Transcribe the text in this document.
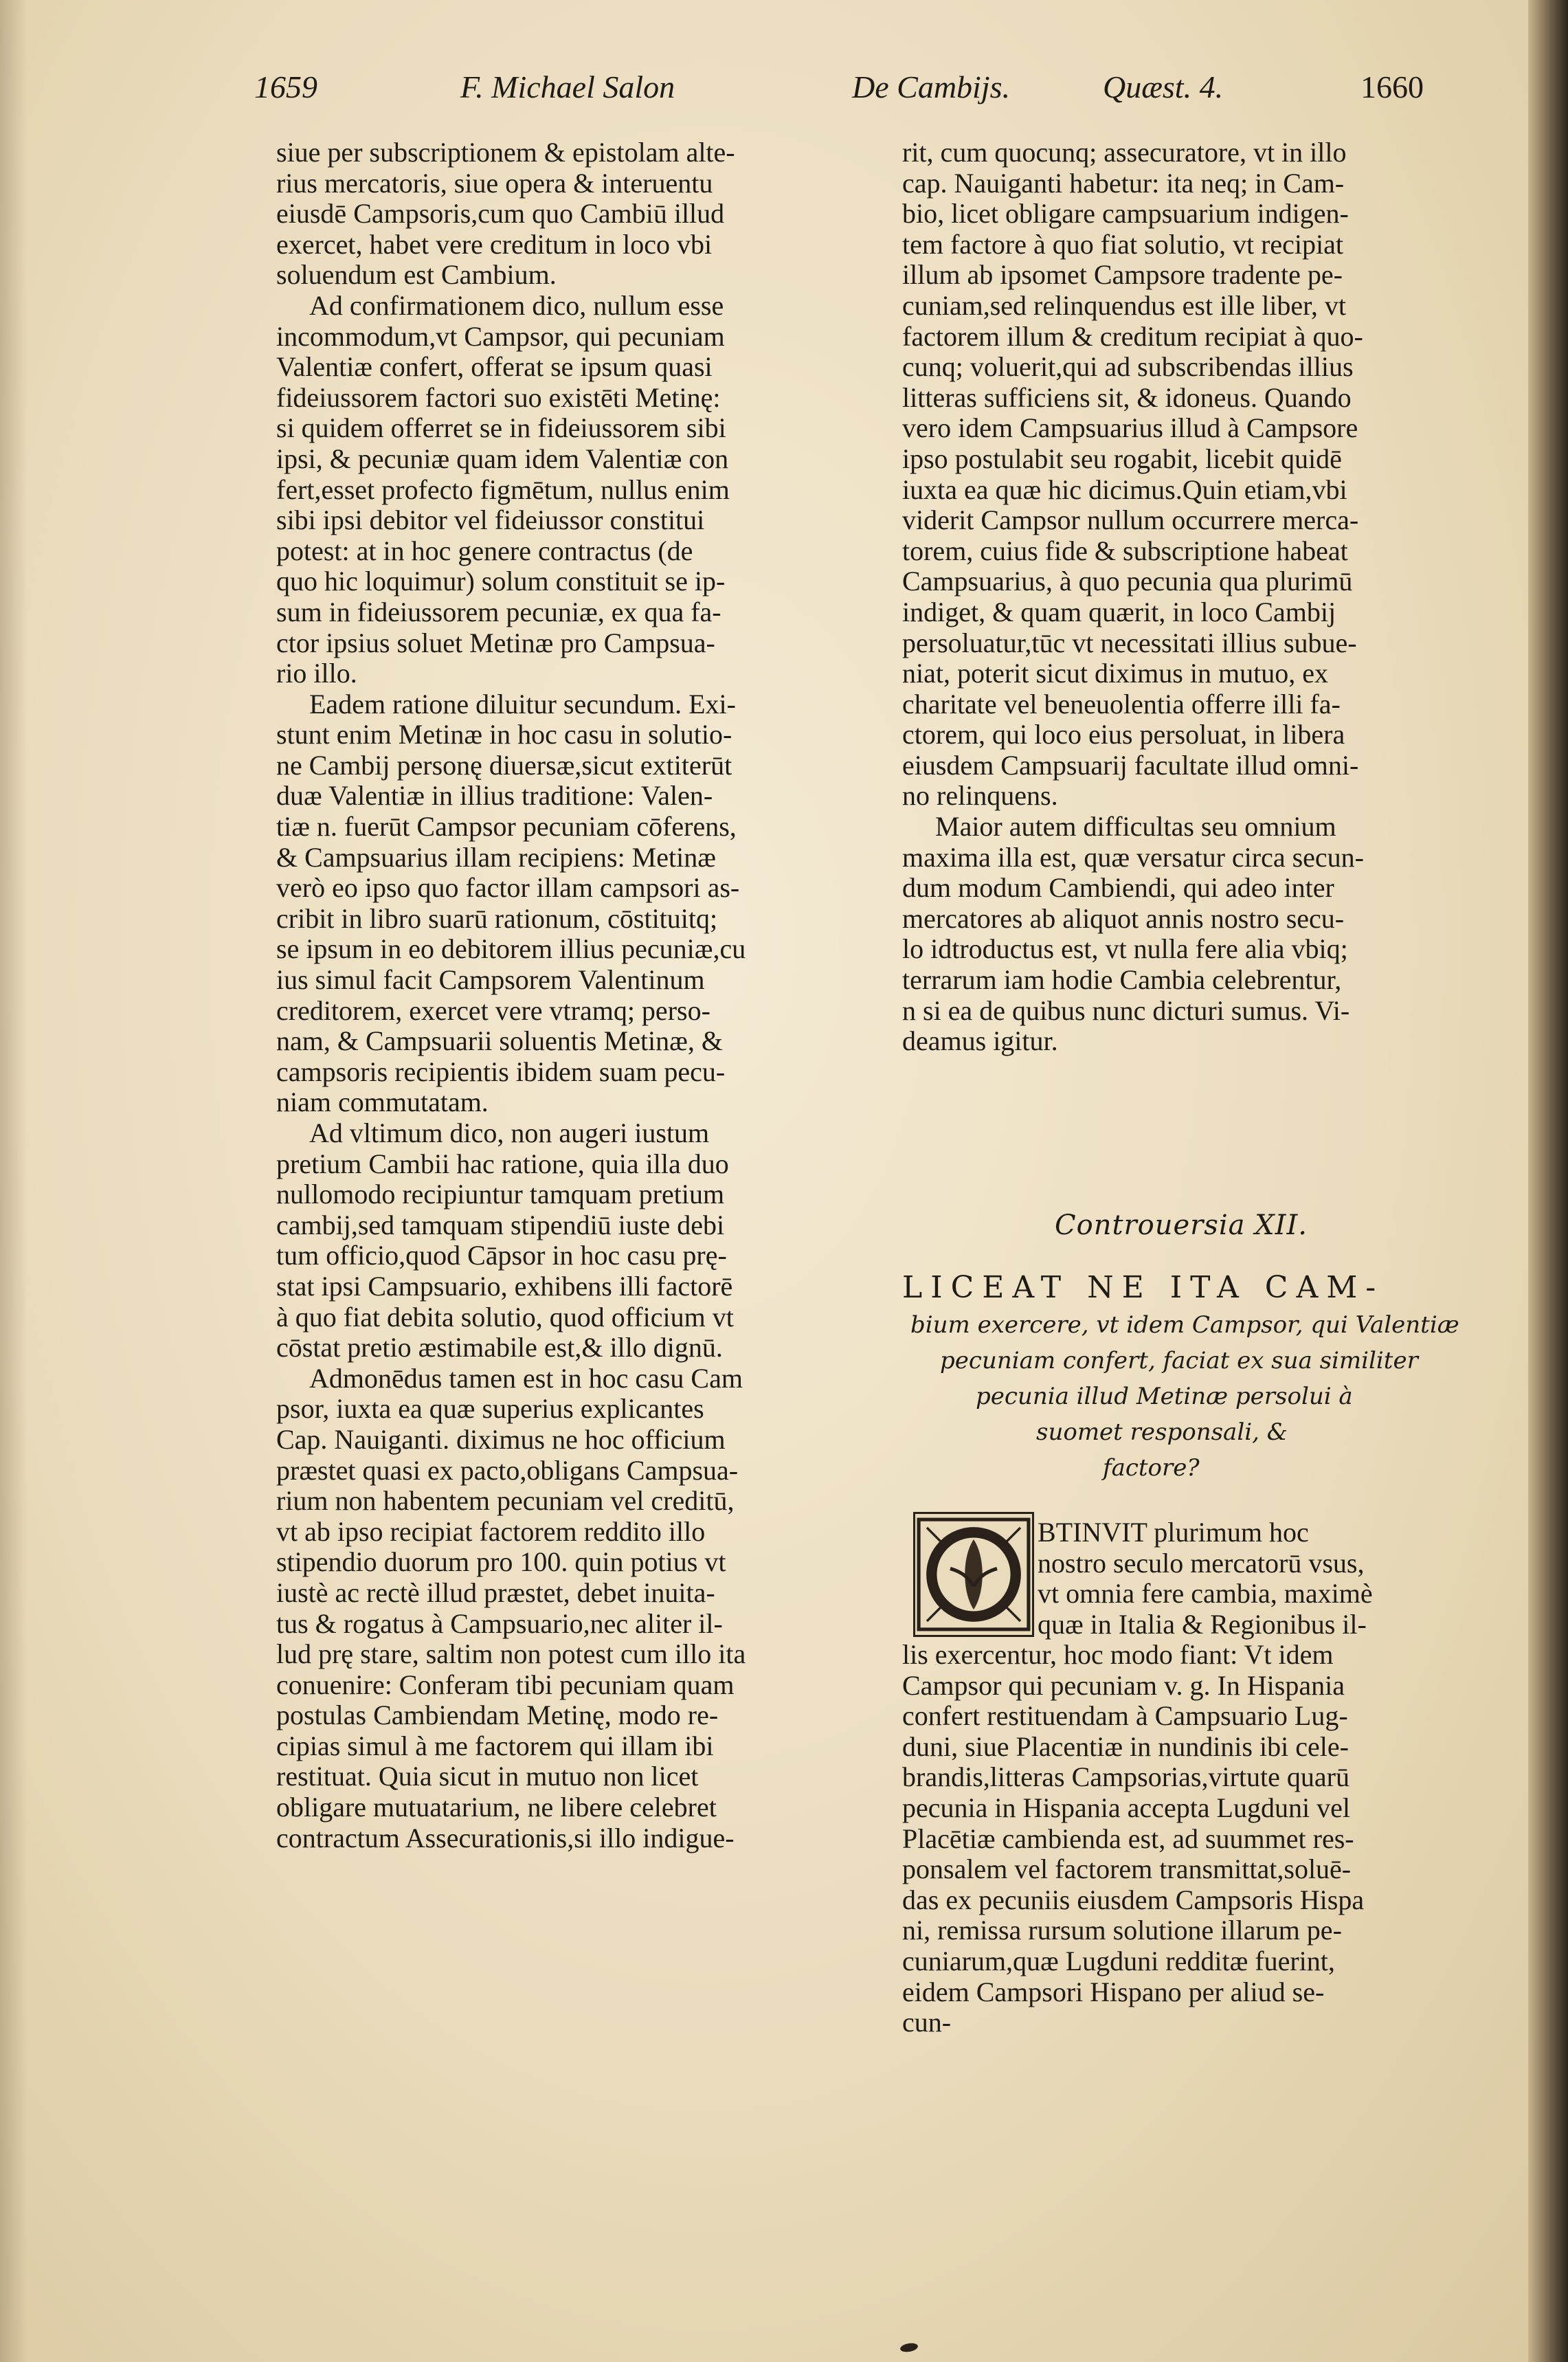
1659	F. Michael Salon	De Cambijs.	Quæst. 4.	1660
siue per subscriptionem & epistolam alte-
rius mercatoris, siue opera & interuentu
eiusdē Campsoris,cum quo Cambiū illud
exercet, habet vere creditum in loco vbi
soluendum est Cambium.
Ad confirmationem dico, nullum esse
incommodum,vt Campsor, qui pecuniam
Valentiæ confert, offerat se ipsum quasi
fideiussorem factori suo existēti Metinę:
si quidem offerret se in fideiussorem sibi
ipsi, & pecuniæ quam idem Valentiæ con
fert,esset profecto figmētum, nullus enim
sibi ipsi debitor vel fideiussor constitui
potest: at in hoc genere contractus (de
quo hic loquimur) solum constituit se ip-
sum in fideiussorem pecuniæ, ex qua fa-
ctor ipsius soluet Metinæ pro Campsua-
rio illo.
Eadem ratione diluitur secundum. Exi-
stunt enim Metinæ in hoc casu in solutio-
ne Cambij personę diuersæ,sicut extiterūt
duæ Valentiæ in illius traditione: Valen-
tiæ n. fuerūt Campsor pecuniam cōferens,
& Campsuarius illam recipiens: Metinæ
verò eo ipso quo factor illam campsori as-
cribit in libro suarū rationum, cōstituitq;
se ipsum in eo debitorem illius pecuniæ,cu
ius simul facit Campsorem Valentinum
creditorem, exercet vere vtramq; perso-
nam, & Campsuarii soluentis Metinæ, &
campsoris recipientis ibidem suam pecu-
niam commutatam.
Ad vltimum dico, non augeri iustum
pretium Cambii hac ratione, quia illa duo
nullomodo recipiuntur tamquam pretium
cambij,sed tamquam stipendiū iuste debi
tum officio,quod Cāpsor in hoc casu prę-
stat ipsi Campsuario, exhibens illi factorē
à quo fiat debita solutio, quod officium vt
cōstat pretio æstimabile est,& illo dignū.
Admonēdus tamen est in hoc casu Cam
psor, iuxta ea quæ superius explicantes
Cap. Nauiganti. diximus ne hoc officium
præstet quasi ex pacto,obligans Campsua-
rium non habentem pecuniam vel creditū,
vt ab ipso recipiat factorem reddito illo
stipendio duorum pro 100. quin potius vt
iustè ac rectè illud præstet, debet inuita-
tus & rogatus à Campsuario,nec aliter il-
lud prę stare, saltim non potest cum illo ita
conuenire: Conferam tibi pecuniam quam
postulas Cambiendam Metinę, modo re-
cipias simul à me factorem qui illam ibi
restituat. Quia sicut in mutuo non licet
obligare mutuatarium, ne libere celebret
contractum Assecurationis,si illo indigue-
rit, cum quocunq; assecuratore, vt in illo
cap. Nauiganti habetur: ita neq; in Cam-
bio, licet obligare campsuarium indigen-
tem factore à quo fiat solutio, vt recipiat
illum ab ipsomet Campsore tradente pe-
cuniam,sed relinquendus est ille liber, vt
factorem illum & creditum recipiat à quo-
cunq; voluerit,qui ad subscribendas illius
litteras sufficiens sit, & idoneus. Quando
vero idem Campsuarius illud à Campsore
ipso postulabit seu rogabit, licebit quidē
iuxta ea quæ hic dicimus.Quin etiam,vbi
viderit Campsor nullum occurrere merca-
torem, cuius fide & subscriptione habeat
Campsuarius, à quo pecunia qua plurimū
indiget, & quam quærit, in loco Cambij
persoluatur,tūc vt necessitati illius subue-
niat, poterit sicut diximus in mutuo, ex
charitate vel beneuolentia offerre illi fa-
ctorem, qui loco eius persoluat, in libera
eiusdem Campsuarij facultate illud omni-
no relinquens.
Maior autem difficultas seu omnium
maxima illa est, quæ versatur circa secun-
dum modum Cambiendi, qui adeo inter
mercatores ab aliquot annis nostro secu-
lo idtroductus est, vt nulla fere alia vbiq;
terrarum iam hodie Cambia celebrentur,
n si ea de quibus nunc dicturi sumus. Vi-
deamus igitur.
Controuersia XII.
LICEAT NE ITA CAM-
bium exercere, vt idem Campsor, qui Valentiæ
pecuniam confert, faciat ex sua similiter
pecunia illud Metinæ persolui à
suomet responsali, &
factore?
BTINVIT plurimum hoc
nostro seculo mercatorū vsus,
vt omnia fere cambia, maximè
quæ in Italia & Regionibus il-
lis exercentur, hoc modo fiant: Vt idem
Campsor qui pecuniam v. g. In Hispania
confert restituendam à Campsuario Lug-
duni, siue Placentiæ in nundinis ibi cele-
brandis,litteras Campsorias,virtute quarū
pecunia in Hispania accepta Lugduni vel
Placētiæ cambienda est, ad suummet res-
ponsalem vel factorem transmittat,soluē-
das ex pecuniis eiusdem Campsoris Hispa
ni, remissa rursum solutione illarum pe-
cuniarum,quæ Lugduni redditæ fuerint,
eidem Campsori Hispano per aliud se-
cun-
